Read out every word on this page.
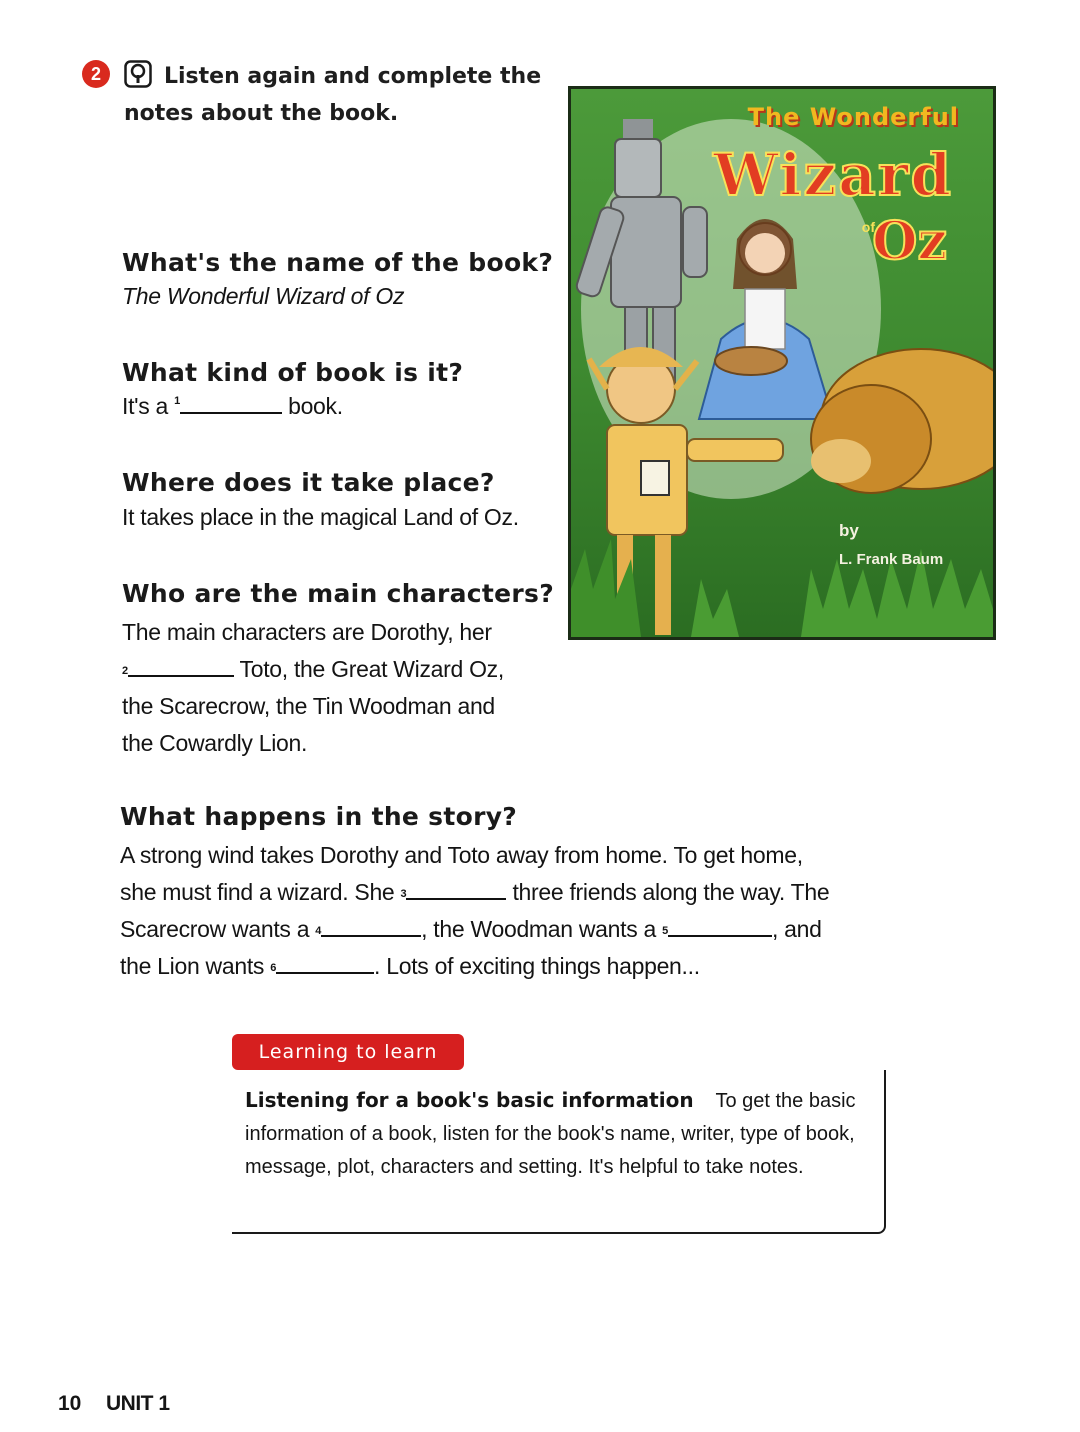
2	Listen again and complete the
notes about the book.
What's the name of the book?
The Wonderful Wizard of Oz
What kind of book is it?
It's a $^1$	book.
Where does it take place?
It takes place in the magical Land of Oz.
Who are the main characters?
The main characters are Dorothy, her
$^2$	Toto, the Great Wizard Oz,
the Scarecrow, the Tin Woodman and
the Cowardly Lion.
What happens in the story?
A strong wind takes Dorothy and Toto away from home. To get home,
she must find a wizard. She $^3$	three friends along the way. The
Scarecrow wants a $^4$	, the Woodman wants a $^5$	, and
the Lion wants $^6$	. Lots of exciting things happen...
The Wonderful
Wizard
of
Oz
by
L. Frank Baum
Learning to learn
Listening for a book's basic information To get the basic information of a book, listen for the book's name, writer, type of book, message, plot, characters and setting. It's helpful to take notes.
10 UNIT 1
